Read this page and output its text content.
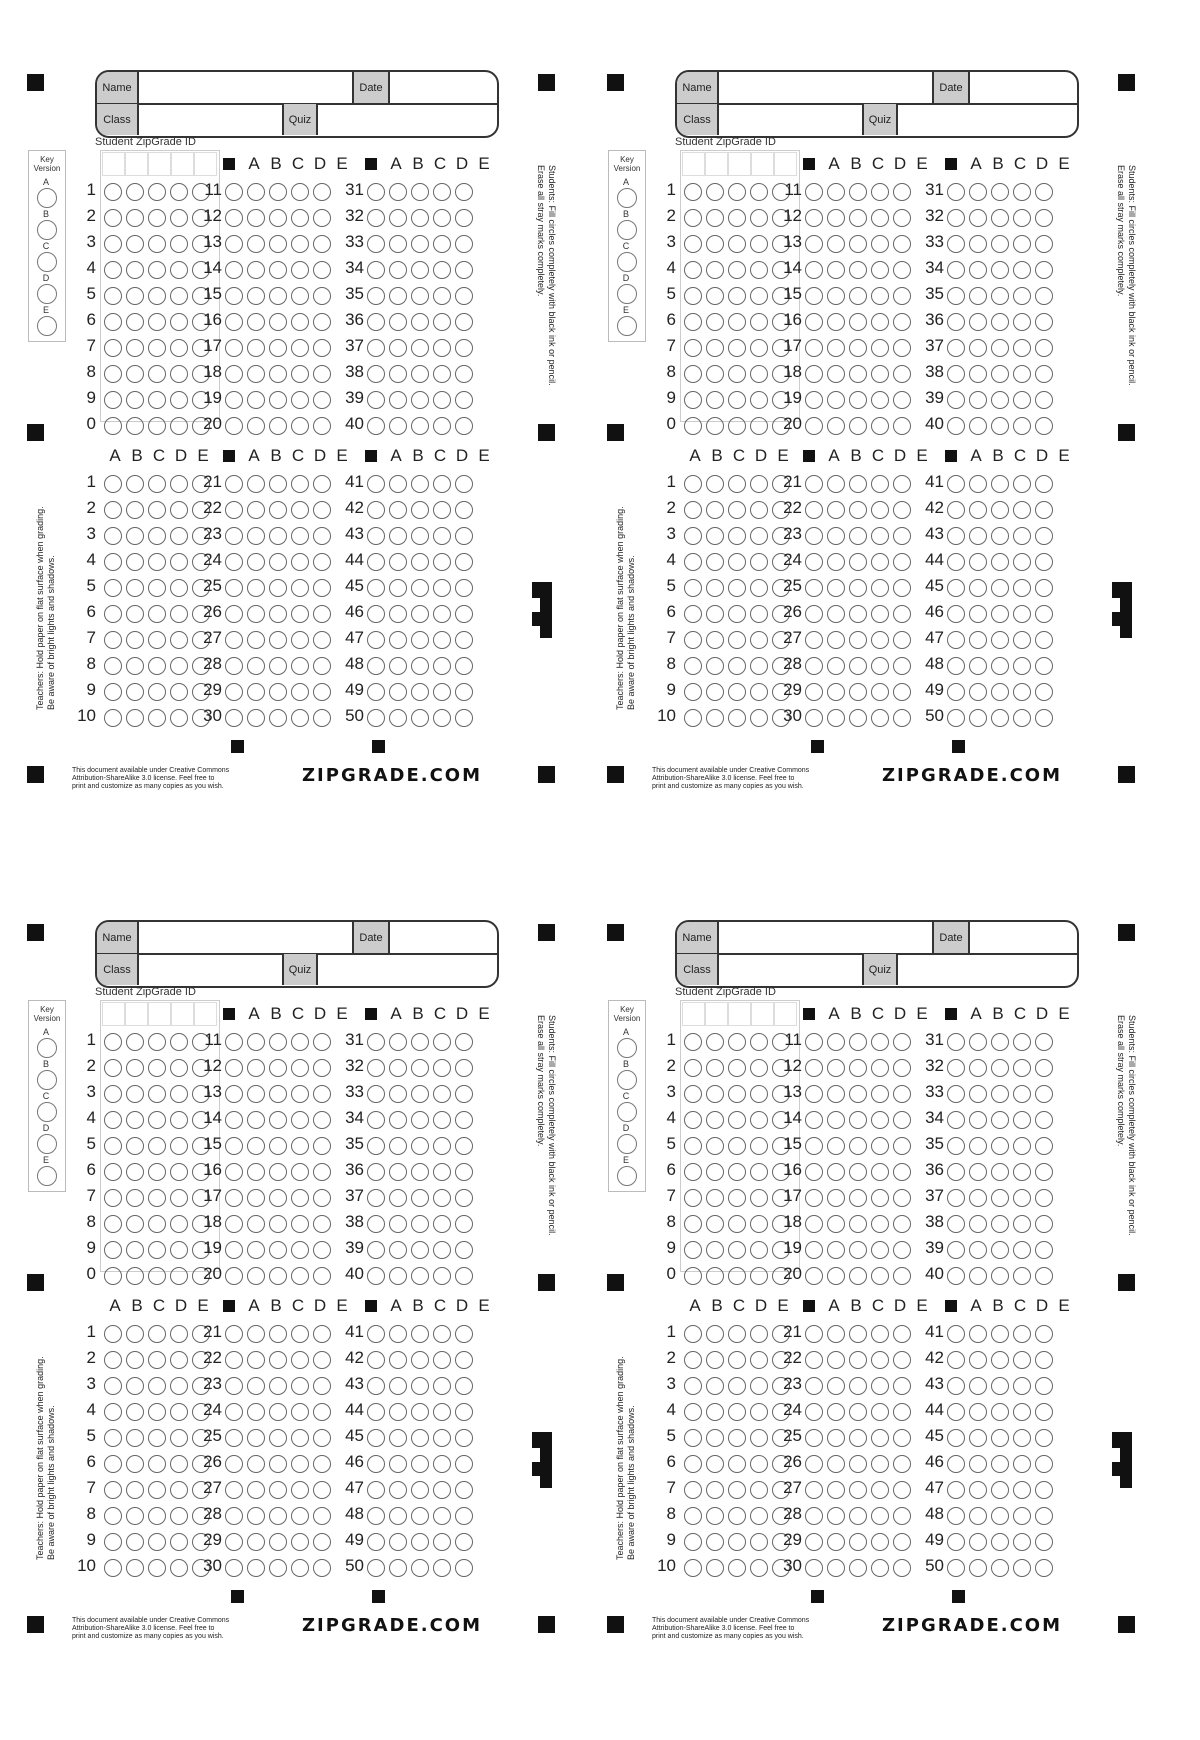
Name	Date
Class	Quiz
Student ZipGrade ID
Key Version
A
B
C
D
E
A B C D E	A B C D E
1	11	31
2	12	32
3	13	33
4	14	34
5	15	35
6	16	36
7	17	37
8	18	38
9	19	39
0	20	40
A B C D E	A B C D E	A B C D E
1	21	41
2	22	42
3	23	43
4	24	44
5	25	45
6	26	46
7	27	47
8	28	48
9	29	49
10	30	50
Students: Fill circles completely with black ink or pencil.
Erase all stray marks completely.
Teachers: Hold paper on flat surface when grading. Be aware of bright lights and shadows.
This document available under Creative Commons
Attribution-ShareAlike 3.0 license. Feel free to
print and customize as many copies as you wish.
ZIPGRADE.COM
Name	Date
Class	Quiz
Student ZipGrade ID
Key Version
A
B
C
D
E
A B C D E	A B C D E
1	11	31
2	12	32
3	13	33
4	14	34
5	15	35
6	16	36
7	17	37
8	18	38
9	19	39
0	20	40
A B C D E	A B C D E	A B C D E
1	21	41
2	22	42
3	23	43
4	24	44
5	25	45
6	26	46
7	27	47
8	28	48
9	29	49
10	30	50
Students: Fill circles completely with black ink or pencil.
Erase all stray marks completely.
Teachers: Hold paper on flat surface when grading. Be aware of bright lights and shadows.
This document available under Creative Commons
Attribution-ShareAlike 3.0 license. Feel free to
print and customize as many copies as you wish.
ZIPGRADE.COM
Name	Date
Class	Quiz
Student ZipGrade ID
Key Version
A
B
C
D
E
A B C D E	A B C D E
1	11	31
2	12	32
3	13	33
4	14	34
5	15	35
6	16	36
7	17	37
8	18	38
9	19	39
0	20	40
A B C D E	A B C D E	A B C D E
1	21	41
2	22	42
3	23	43
4	24	44
5	25	45
6	26	46
7	27	47
8	28	48
9	29	49
10	30	50
Students: Fill circles completely with black ink or pencil.
Erase all stray marks completely.
Teachers: Hold paper on flat surface when grading. Be aware of bright lights and shadows.
This document available under Creative Commons
Attribution-ShareAlike 3.0 license. Feel free to
print and customize as many copies as you wish.
ZIPGRADE.COM
Name	Date
Class	Quiz
Student ZipGrade ID
Key Version
A
B
C
D
E
A B C D E	A B C D E
1	11	31
2	12	32
3	13	33
4	14	34
5	15	35
6	16	36
7	17	37
8	18	38
9	19	39
0	20	40
A B C D E	A B C D E	A B C D E
1	21	41
2	22	42
3	23	43
4	24	44
5	25	45
6	26	46
7	27	47
8	28	48
9	29	49
10	30	50
Students: Fill circles completely with black ink or pencil.
Erase all stray marks completely.
Teachers: Hold paper on flat surface when grading. Be aware of bright lights and shadows.
This document available under Creative Commons
Attribution-ShareAlike 3.0 license. Feel free to
print and customize as many copies as you wish.
ZIPGRADE.COM
